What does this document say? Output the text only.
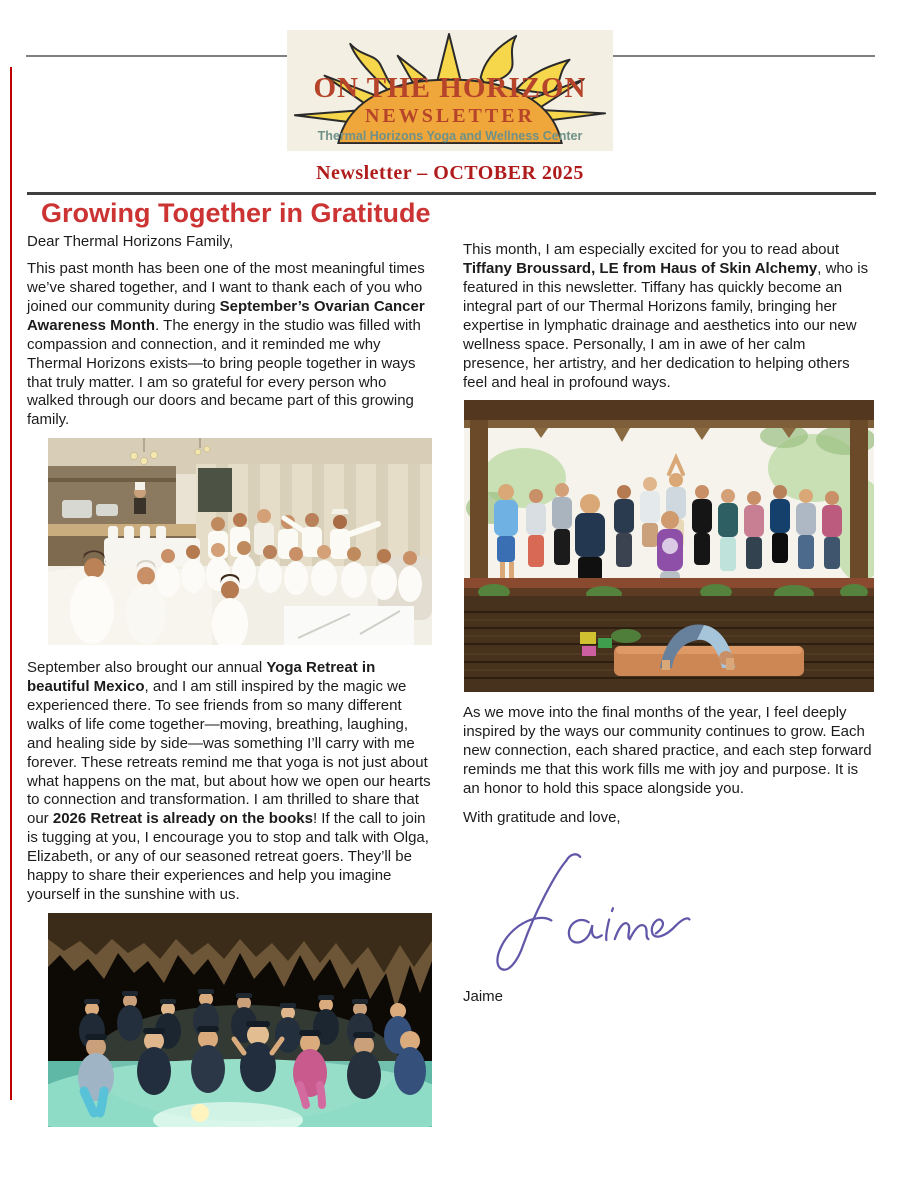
ON THE HORIZON
NEWSLETTER
Thermal Horizons Yoga and Wellness Center
Newsletter – OCTOBER 2025
Growing Together in Gratitude

Dear Thermal Horizons Family,

This past month has been one of the most meaningful times we’ve shared together, and I want to thank each of you who joined our community during September’s Ovarian Cancer Awareness Month. The energy in the studio was filled with compassion and connection, and it reminded me why Thermal Horizons exists—to bring people together in ways that truly matter. I am so grateful for every person who walked through our doors and became part of this growing family.

September also brought our annual Yoga Retreat in beautiful Mexico, and I am still inspired by the magic we experienced there. To see friends from so many different walks of life come together—moving, breathing, laughing, and healing side by side—was something I’ll carry with me forever. These retreats remind me that yoga is not just about what happens on the mat, but about how we open our hearts to connection and transformation. I am thrilled to share that our 2026 Retreat is already on the books! If the call to join is tugging at you, I encourage you to stop and talk with Olga, Elizabeth, or any of our seasoned retreat goers. They’ll be happy to share their experiences and help you imagine yourself in the sunshine with us.

This month, I am especially excited for you to read about Tiffany Broussard, LE from Haus of Skin Alchemy, who is featured in this newsletter. Tiffany has quickly become an integral part of our Thermal Horizons family, bringing her expertise in lymphatic drainage and aesthetics into our new wellness space. Personally, I am in awe of her calm presence, her artistry, and her dedication to helping others feel and heal in profound ways.

As we move into the final months of the year, I feel deeply inspired by the ways our community continues to grow. Each new connection, each shared practice, and each step forward reminds me that this work fills me with joy and purpose. It is an honor to hold this space alongside you.

With gratitude and love,

Jaime
